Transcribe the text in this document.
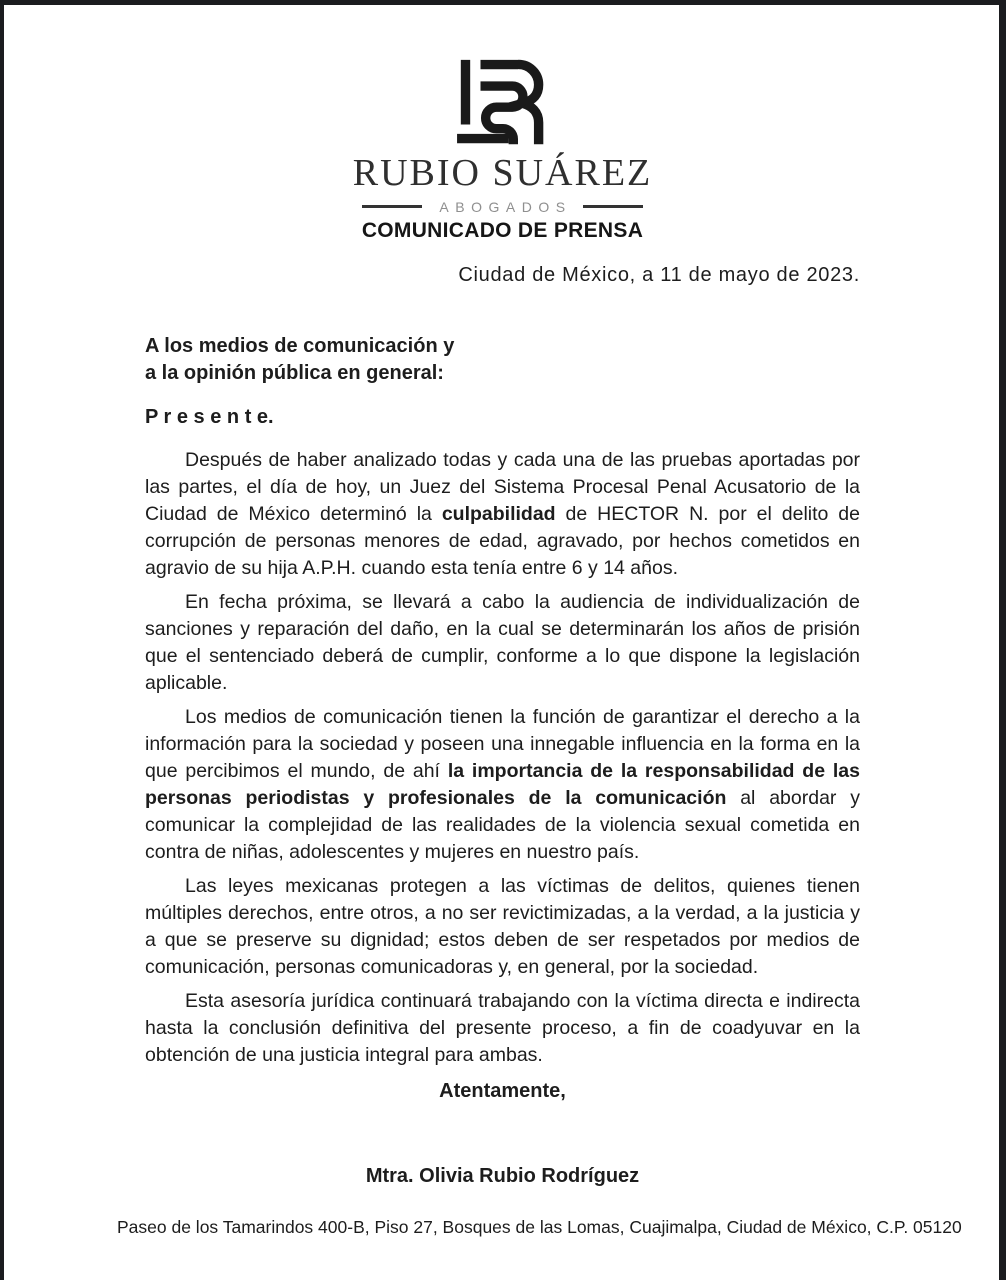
RUBIO SUÁREZ
ABOGADOS
COMUNICADO DE PRENSA
Ciudad de México, a 11 de mayo de 2023.
A los medios de comunicación y
a la opinión pública en general:
P r e s e n t e.

Después de haber analizado todas y cada una de las pruebas aportadas por las partes, el día de hoy, un Juez del Sistema Procesal Penal Acusatorio de la Ciudad de México determinó la culpabilidad de HECTOR N. por el delito de corrupción de personas menores de edad, agravado, por hechos cometidos en agravio de su hija A.P.H. cuando esta tenía entre 6 y 14 años.

En fecha próxima, se llevará a cabo la audiencia de individualización de sanciones y reparación del daño, en la cual se determinarán los años de prisión que el sentenciado deberá de cumplir, conforme a lo que dispone la legislación aplicable.

Los medios de comunicación tienen la función de garantizar el derecho a la información para la sociedad y poseen una innegable influencia en la forma en la que percibimos el mundo, de ahí la importancia de la responsabilidad de las personas periodistas y profesionales de la comunicación al abordar y comunicar la complejidad de las realidades de la violencia sexual cometida en contra de niñas, adolescentes y mujeres en nuestro país.

Las leyes mexicanas protegen a las víctimas de delitos, quienes tienen múltiples derechos, entre otros, a no ser revictimizadas, a la verdad, a la justicia y a que se preserve su dignidad; estos deben de ser respetados por medios de comunicación, personas comunicadoras y, en general, por la sociedad.

Esta asesoría jurídica continuará trabajando con la víctima directa e indirecta hasta la conclusión definitiva del presente proceso, a fin de coadyuvar en la obtención de una justicia integral para ambas.

Atentamente,
Mtra. Olivia Rubio Rodríguez
Paseo de los Tamarindos 400-B, Piso 27, Bosques de las Lomas, Cuajimalpa, Ciudad de México, C.P. 05120
